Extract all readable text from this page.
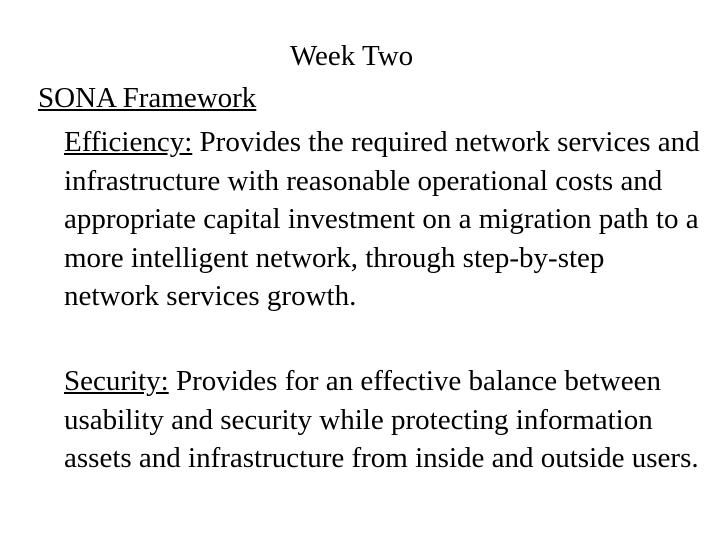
Week Two
SONA Framework
Efficiency: Provides the required network services and infrastructure with reasonable operational costs and appropriate capital investment on a migration path to a more intelligent network, through step-by-step network services growth.
Security: Provides for an effective balance between usability and security while protecting information assets and infrastructure from inside and outside users.
